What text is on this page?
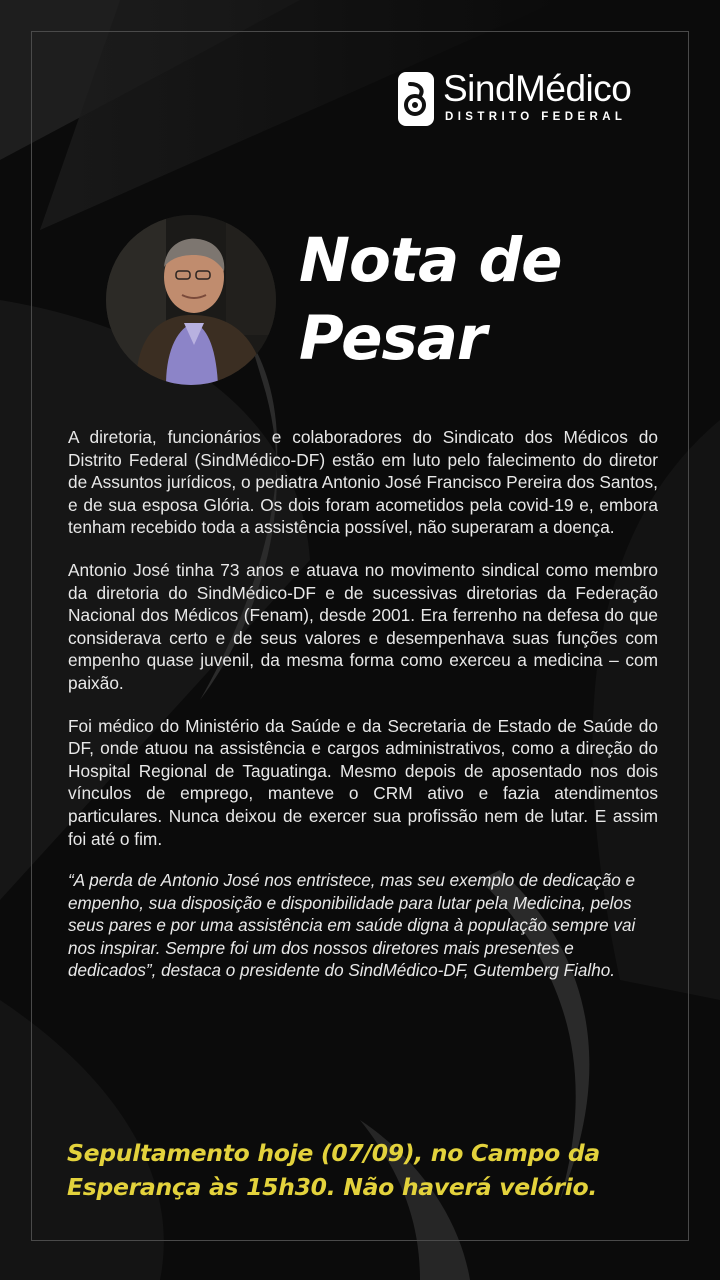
SindMédico
DISTRITO FEDERAL
Nota de
Pesar

A diretoria, funcionários e colaboradores do Sindicato dos Médicos do Distrito Federal (SindMédico-DF) estão em luto pelo falecimento do diretor de Assuntos jurídicos, o pediatra Antonio José Francisco Pereira dos Santos, e de sua esposa Glória. Os dois foram acometidos pela covid-19 e, embora tenham recebido toda a assistência possível, não superaram a doença.

Antonio José tinha 73 anos e atuava no movimento sindical como membro da diretoria do SindMédico-DF e de sucessivas diretorias da Federação Nacional dos Médicos (Fenam), desde 2001. Era ferrenho na defesa do que considerava certo e de seus valores e desempenhava suas funções com empenho quase juvenil, da mesma forma como exerceu a medicina – com paixão.

Foi médico do Ministério da Saúde e da Secretaria de Estado de Saúde do DF, onde atuou na assistência e cargos administrativos, como a direção do Hospital Regional de Taguatinga. Mesmo depois de aposentado nos dois vínculos de emprego, manteve o CRM ativo e fazia atendimentos particulares. Nunca deixou de exercer sua profissão nem de lutar. E assim foi até o fim.

“A perda de Antonio José nos entristece, mas seu exemplo de dedicação e empenho, sua disposição e disponibilidade para lutar pela Medicina, pelos seus pares e por uma assistência em saúde digna à população sempre vai nos inspirar. Sempre foi um dos nossos diretores mais presentes e dedicados”, destaca o presidente do SindMédico-DF, Gutemberg Fialho.

Sepultamento hoje (07/09), no Campo da
Esperança às 15h30. Não haverá velório.
